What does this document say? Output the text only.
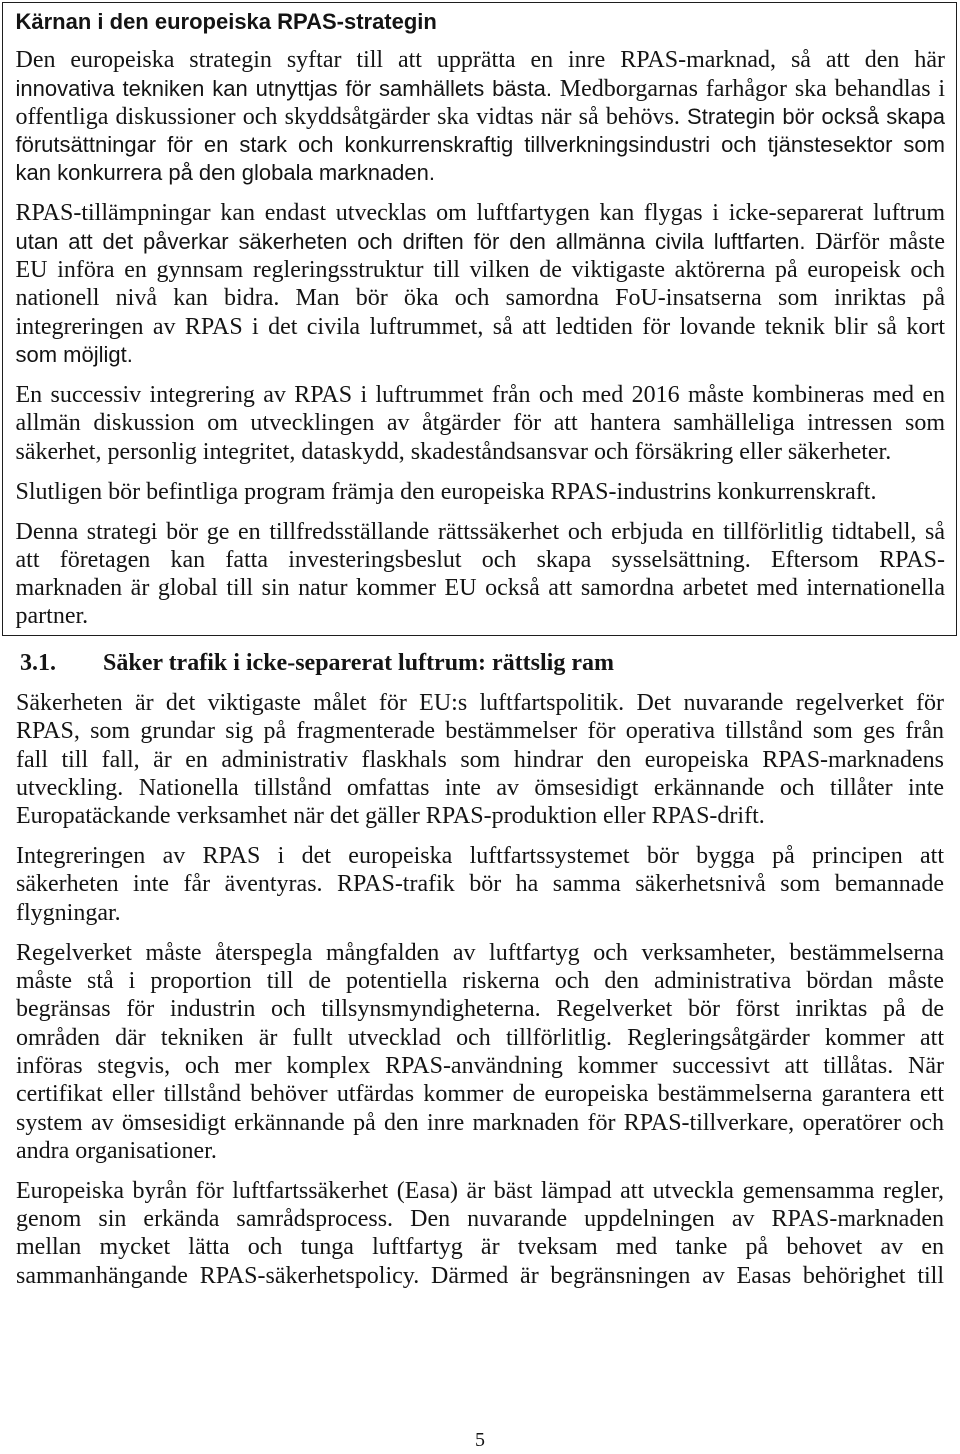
Kärnan i den europeiska RPAS-strategin
Den europeiska strategin syftar till att upprätta en inre RPAS-marknad, så att den här
innovativa tekniken kan utnyttjas för samhällets bästa. Medborgarnas farhågor ska behandlas i
offentliga diskussioner och skyddsåtgärder ska vidtas när så behövs. Strategin bör också skapa
förutsättningar för en stark och konkurrenskraftig tillverkningsindustri och tjänstesektor som
kan konkurrera på den globala marknaden.
RPAS-tillämpningar kan endast utvecklas om luftfartygen kan flygas i icke-separerat luftrum
utan att det påverkar säkerheten och driften för den allmänna civila luftfarten. Därför måste
EU införa en gynnsam regleringsstruktur till vilken de viktigaste aktörerna på europeisk och
nationell nivå kan bidra. Man bör öka och samordna FoU-insatserna som inriktas på
integreringen av RPAS i det civila luftrummet, så att ledtiden för lovande teknik blir så kort
som möjligt.
En successiv integrering av RPAS i luftrummet från och med 2016 måste kombineras med en
allmän diskussion om utvecklingen av åtgärder för att hantera samhälleliga intressen som
säkerhet, personlig integritet, dataskydd, skadeståndsansvar och försäkring eller säkerheter.
Slutligen bör befintliga program främja den europeiska RPAS-industrins konkurrenskraft.
Denna strategi bör ge en tillfredsställande rättssäkerhet och erbjuda en tillförlitlig tidtabell, så
att företagen kan fatta investeringsbeslut och skapa sysselsättning. Eftersom RPAS-
marknaden är global till sin natur kommer EU också att samordna arbetet med internationella
partner.
3.1. Säker trafik i icke-separerat luftrum: rättslig ram
Säkerheten är det viktigaste målet för EU:s luftfartspolitik. Det nuvarande regelverket för
RPAS, som grundar sig på fragmenterade bestämmelser för operativa tillstånd som ges från
fall till fall, är en administrativ flaskhals som hindrar den europeiska RPAS-marknadens
utveckling. Nationella tillstånd omfattas inte av ömsesidigt erkännande och tillåter inte
Europatäckande verksamhet när det gäller RPAS-produktion eller RPAS-drift.
Integreringen av RPAS i det europeiska luftfartssystemet bör bygga på principen att
säkerheten inte får äventyras. RPAS-trafik bör ha samma säkerhetsnivå som bemannade
flygningar.
Regelverket måste återspegla mångfalden av luftfartyg och verksamheter, bestämmelserna
måste stå i proportion till de potentiella riskerna och den administrativa bördan måste
begränsas för industrin och tillsynsmyndigheterna. Regelverket bör först inriktas på de
områden där tekniken är fullt utvecklad och tillförlitlig. Regleringsåtgärder kommer att
införas stegvis, och mer komplex RPAS-användning kommer successivt att tillåtas. När
certifikat eller tillstånd behöver utfärdas kommer de europeiska bestämmelserna garantera ett
system av ömsesidigt erkännande på den inre marknaden för RPAS-tillverkare, operatörer och
andra organisationer.
Europeiska byrån för luftfartssäkerhet (Easa) är bäst lämpad att utveckla gemensamma regler,
genom sin erkända samrådsprocess. Den nuvarande uppdelningen av RPAS-marknaden
mellan mycket lätta och tunga luftfartyg är tveksam med tanke på behovet av en
sammanhängande RPAS-säkerhetspolicy. Därmed är begränsningen av Easas behörighet till
5
